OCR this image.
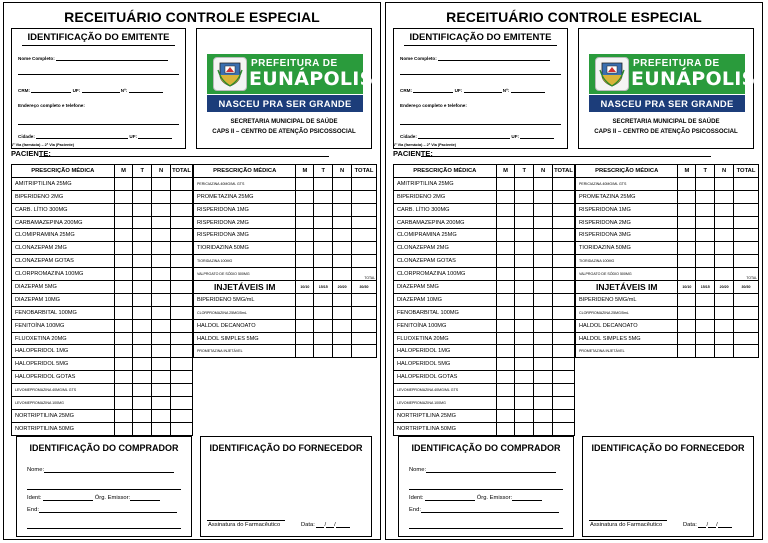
RECEITUÁRIO CONTROLE ESPECIAL
IDENTIFICAÇÃO DO EMITENTE
Nome Completo:
CRM:	UF:	Nº:
Endereço completo e telefone:
Cidade:	UF:
PREFEITURA DE
EUNÁPOLIS
NASCEU PRA SER GRANDE
SECRETARIA MUNICIPAL DE SAÚDE
CAPS II – CENTRO DE ATENÇÃO PSICOSSOCIAL
1ª Via (farmácia) – 2ª Via (Paciente)
PACIENTE:
PRESCRIÇÃO MÉDICA	M	T	N	TOTAL
AMITRIPTILINA 25MG				
BIPERIDENO 2MG				
CARB. LÍTIO 300MG				
CARBAMAZEPINA 200MG				
CLOMIPRAMINA 25MG				
CLONAZEPAM 2MG				
CLONAZEPAM GOTAS				
CLORPROMAZINA 100MG				
DIAZEPAM 5MG				
DIAZEPAM 10MG				
FENOBARBITAL 100MG				
FENITOÍNA 100MG				
FLUOXETINA 20MG				
HALOPERIDOL 1MG				
HALOPERIDOL 5MG				
HALOPERIDOL GOTAS				
LEVOMEPROMAZINA 40MG/ML GTS				
LEVOMEPROMAZINA 100MG				
NORTRIPTILINA 25MG				
NORTRIPTILINA 50MG				
PRESCRIÇÃO MÉDICA	M	T	N	TOTAL
PERICIAZINA 40MG/ML GTS				
PROMETAZINA 25MG				
RISPERIDONA 1MG				
RISPERIDONA 2MG				
RISPERIDONA 3MG				
TIORIDAZINA 50MG				
TIORIDAZINA 100MG				
VALPROATO DE SÓDIO 500MG				TOTAL
INJETÁVEIS IM	10/10	15/15	20/20	30/30
BIPERIDENO 5MG/mL				
CLORPROMAZINA 25MG/5mL				
HALDOL DECANOATO				
HALDOL SIMPLES 5MG				
PROMETAZINA INJETÁVEL				
IDENTIFICAÇÃO DO COMPRADOR
Nome:
Ident:	Órg. Emissor:
End:
IDENTIFICAÇÃO DO FORNECEDOR
Assinatura do Farmacêutico	Data: / /
RECEITUÁRIO CONTROLE ESPECIAL
IDENTIFICAÇÃO DO EMITENTE
Nome Completo:
CRM:	UF:	Nº:
Endereço completo e telefone:
Cidade:	UF:
PREFEITURA DE
EUNÁPOLIS
NASCEU PRA SER GRANDE
SECRETARIA MUNICIPAL DE SAÚDE
CAPS II – CENTRO DE ATENÇÃO PSICOSSOCIAL
1ª Via (farmácia) – 2ª Via (Paciente)
PACIENTE:
PRESCRIÇÃO MÉDICA	M	T	N	TOTAL
AMITRIPTILINA 25MG				
BIPERIDENO 2MG				
CARB. LÍTIO 300MG				
CARBAMAZEPINA 200MG				
CLOMIPRAMINA 25MG				
CLONAZEPAM 2MG				
CLONAZEPAM GOTAS				
CLORPROMAZINA 100MG				
DIAZEPAM 5MG				
DIAZEPAM 10MG				
FENOBARBITAL 100MG				
FENITOÍNA 100MG				
FLUOXETINA 20MG				
HALOPERIDOL 1MG				
HALOPERIDOL 5MG				
HALOPERIDOL GOTAS				
LEVOMEPROMAZINA 40MG/ML GTS				
LEVOMEPROMAZINA 100MG				
NORTRIPTILINA 25MG				
NORTRIPTILINA 50MG				
PRESCRIÇÃO MÉDICA	M	T	N	TOTAL
PERICIAZINA 40MG/ML GTS				
PROMETAZINA 25MG				
RISPERIDONA 1MG				
RISPERIDONA 2MG				
RISPERIDONA 3MG				
TIORIDAZINA 50MG				
TIORIDAZINA 100MG				
VALPROATO DE SÓDIO 500MG				TOTAL
INJETÁVEIS IM	10/10	15/15	20/20	30/30
BIPERIDENO 5MG/mL				
CLORPROMAZINA 25MG/5mL				
HALDOL DECANOATO				
HALDOL SIMPLES 5MG				
PROMETAZINA INJETÁVEL				
IDENTIFICAÇÃO DO COMPRADOR
Nome:
Ident:	Órg. Emissor:
End:
IDENTIFICAÇÃO DO FORNECEDOR
Assinatura do Farmacêutico	Data: / /
